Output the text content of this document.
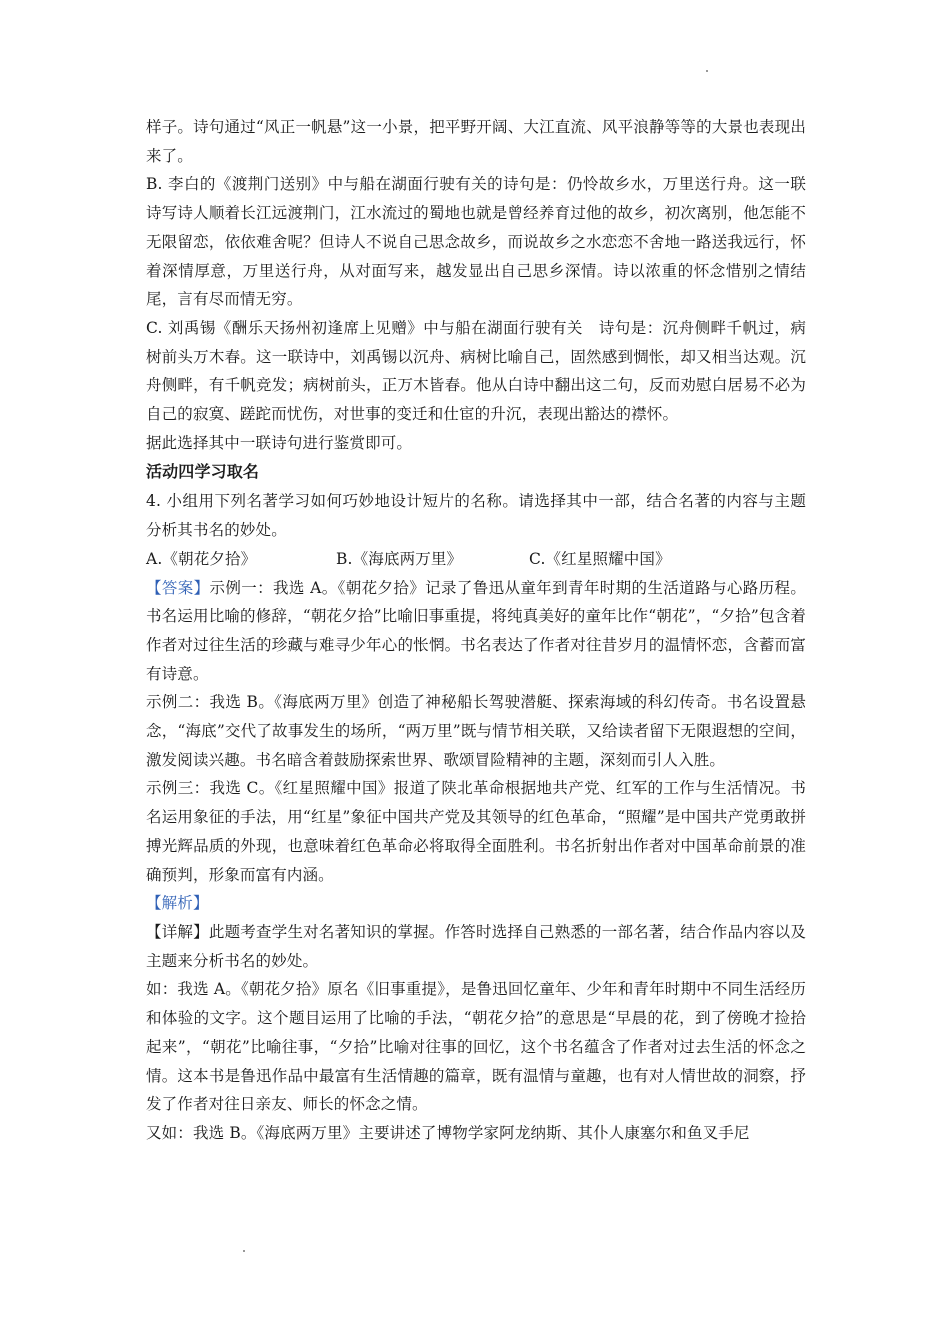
样子。诗句通过“风正一帆悬”这一小景，把平野开阔、大江直流、风平浪静等等的大景也表现出来了。

B. 李白的《渡荆门送别》中与船在湖面行驶有关的诗句是：仍怜故乡水，万里送行舟。这一联诗写诗人顺着长江远渡荆门，江水流过的蜀地也就是曾经养育过他的故乡，初次离别，他怎能不无限留恋，依依难舍呢？但诗人不说自己思念故乡，而说故乡之水恋恋不舍地一路送我远行，怀着深情厚意，万里送行舟，从对面写来，越发显出自己思乡深情。诗以浓重的怀念惜别之情结尾，言有尽而情无穷。

C. 刘禹锡《酬乐天扬州初逢席上见赠》中与船在湖面行驶有关　诗句是：沉舟侧畔千帆过，病树前头万木春。这一联诗中，刘禹锡以沉舟、病树比喻自己，固然感到惆怅，却又相当达观。沉舟侧畔，有千帆竞发；病树前头，正万木皆春。他从白诗中翻出这二句，反而劝慰白居易不必为自己的寂寞、蹉跎而忧伤，对世事的变迁和仕宦的升沉，表现出豁达的襟怀。

据此选择其中一联诗句进行鉴赏即可。

活动四学习取名

4. 小组用下列名著学习如何巧妙地设计短片的名称。请选择其中一部，结合名著的内容与主题分析其书名的妙处。

A.《朝花夕拾》	B.《海底两万里》	C.《红星照耀中国》

【答案】示例一：我选 A。《朝花夕拾》记录了鲁迅从童年到青年时期的生活道路与心路历程。书名运用比喻的修辞，“朝花夕拾”比喻旧事重提，将纯真美好的童年比作“朝花”，“夕拾”包含着作者对过往生活的珍藏与难寻少年心的怅惘。书名表达了作者对往昔岁月的温情怀恋，含蓄而富有诗意。

示例二：我选 B。《海底两万里》创造了神秘船长驾驶潜艇、探索海域的科幻传奇。书名设置悬念，“海底”交代了故事发生的场所，“两万里”既与情节相关联，又给读者留下无限遐想的空间，激发阅读兴趣。书名暗含着鼓励探索世界、歌颂冒险精神的主题，深刻而引人入胜。

示例三：我选 C。《红星照耀中国》报道了陕北革命根据地共产党、红军的工作与生活情况。书名运用象征的手法，用“红星”象征中国共产党及其领导的红色革命，“照耀”是中国共产党勇敢拼搏光辉品质的外现，也意味着红色革命必将取得全面胜利。书名折射出作者对中国革命前景的准确预判，形象而富有内涵。

【解析】

【详解】此题考查学生对名著知识的掌握。作答时选择自己熟悉的一部名著，结合作品内容以及主题来分析书名的妙处。

如：我选 A。《朝花夕拾》原名《旧事重提》，是鲁迅回忆童年、少年和青年时期中不同生活经历和体验的文字。这个题目运用了比喻的手法，“朝花夕拾”的意思是“早晨的花，到了傍晚才捡拾起来”，“朝花”比喻往事，“夕拾”比喻对往事的回忆，这个书名蕴含了作者对过去生活的怀念之情。这本书是鲁迅作品中最富有生活情趣的篇章，既有温情与童趣，也有对人情世故的洞察，抒发了作者对往日亲友、师长的怀念之情。

又如：我选 B。《海底两万里》主要讲述了博物学家阿龙纳斯、其仆人康塞尔和鱼叉手尼
